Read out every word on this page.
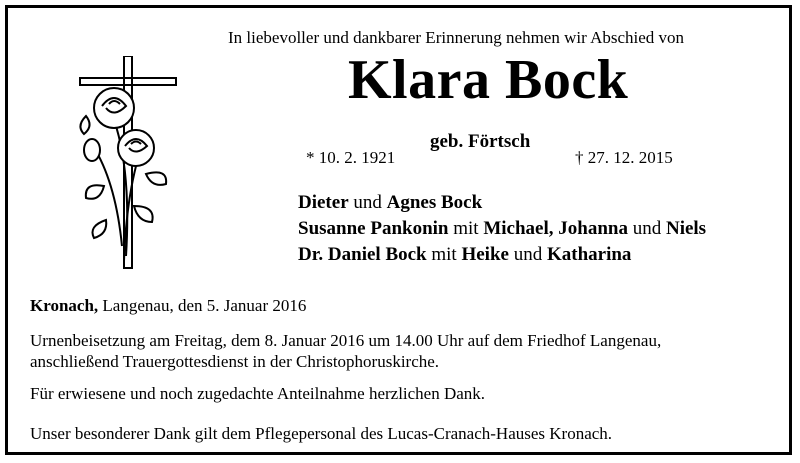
In liebevoller und dankbarer Erinnerung nehmen wir Abschied von
Klara Bock
geb. Förtsch
* 10. 2. 1921	† 27. 12. 2015
Dieter und Agnes Bock
Susanne Pankonin mit Michael, Johanna und Niels
Dr. Daniel Bock mit Heike und Katharina
Kronach, Langenau, den 5. Januar 2016
Urnenbeisetzung am Freitag, dem 8. Januar 2016 um 14.00 Uhr auf dem Friedhof Langenau,
anschließend Trauergottesdienst in der Christophoruskirche.
Für erwiesene und noch zugedachte Anteilnahme herzlichen Dank.
Unser besonderer Dank gilt dem Pflegepersonal des Lucas-Cranach-Hauses Kronach.
